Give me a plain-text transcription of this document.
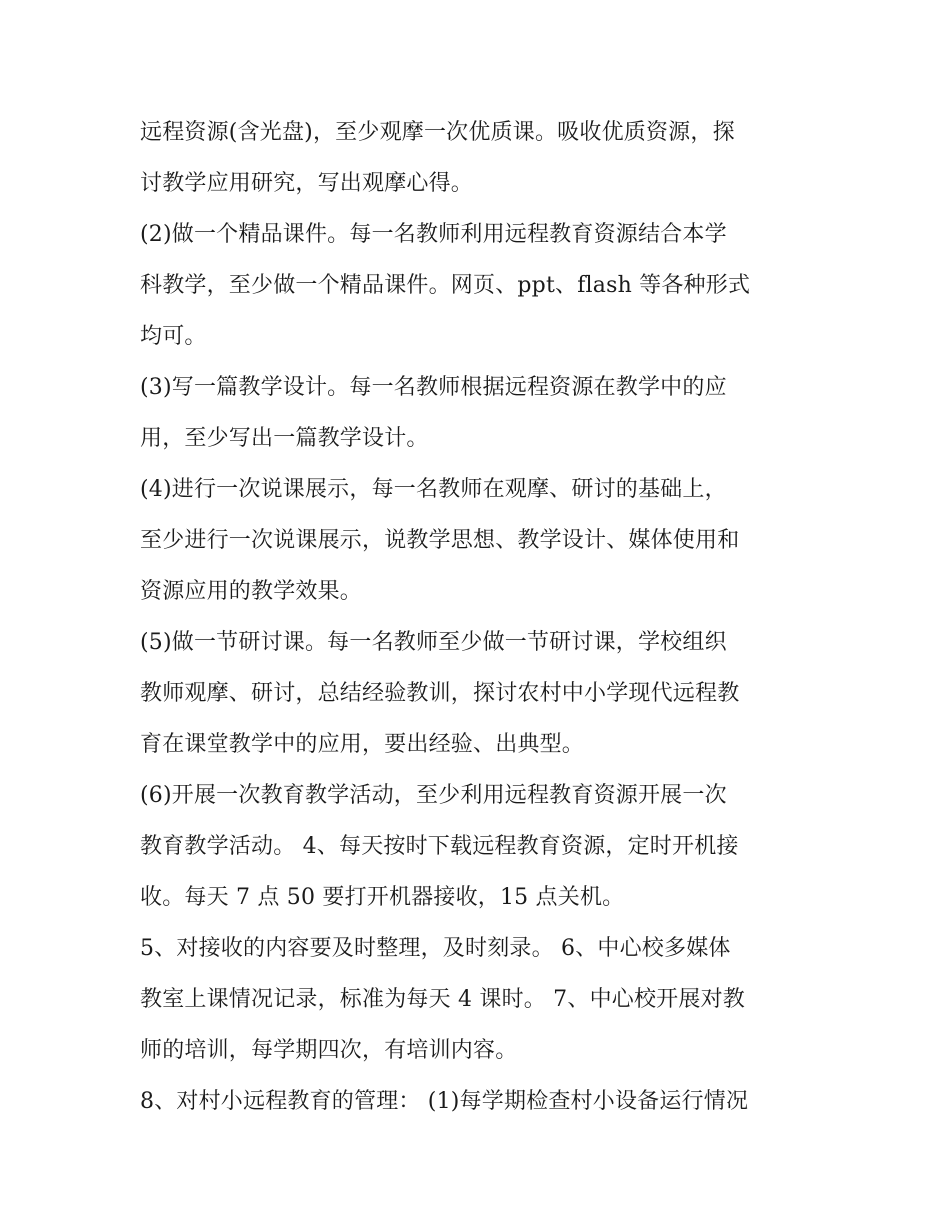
远程资源(含光盘)，至少观摩一次优质课。吸收优质资源，探
讨教学应用研究，写出观摩心得。
(2)做一个精品课件。每一名教师利用远程教育资源结合本学
科教学，至少做一个精品课件。网页、ppt、flash 等各种形式
均可。
(3)写一篇教学设计。每一名教师根据远程资源在教学中的应
用，至少写出一篇教学设计。
(4)进行一次说课展示，每一名教师在观摩、研讨的基础上，
至少进行一次说课展示，说教学思想、教学设计、媒体使用和
资源应用的教学效果。
(5)做一节研讨课。每一名教师至少做一节研讨课，学校组织
教师观摩、研讨，总结经验教训，探讨农村中小学现代远程教
育在课堂教学中的应用，要出经验、出典型。
(6)开展一次教育教学活动，至少利用远程教育资源开展一次
教育教学活动。 4、每天按时下载远程教育资源，定时开机接
收。每天 7 点 50 要打开机器接收，15 点关机。
5、对接收的内容要及时整理，及时刻录。 6、中心校多媒体
教室上课情况记录，标准为每天 4 课时。 7、中心校开展对教
师的培训，每学期四次，有培训内容。
8、对村小远程教育的管理： (1)每学期检查村小设备运行情况
